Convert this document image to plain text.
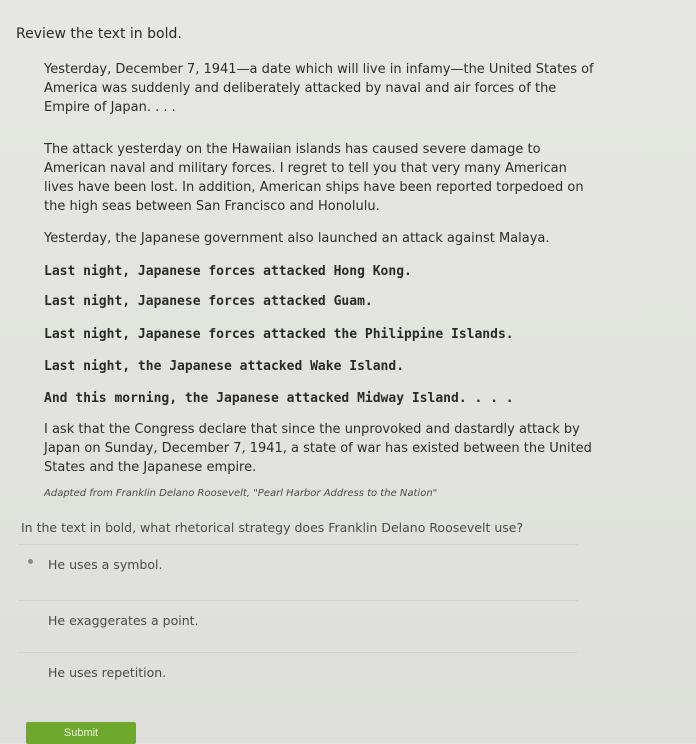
Review the text in bold.

Yesterday, December 7, 1941—a date which will live in infamy—the United States of

America was suddenly and deliberately attacked by naval and air forces of the

Empire of Japan. . . .

The attack yesterday on the Hawaiian islands has caused severe damage to

American naval and military forces. I regret to tell you that very many American

lives have been lost. In addition, American ships have been reported torpedoed on

the high seas between San Francisco and Honolulu.

Yesterday, the Japanese government also launched an attack against Malaya.

Last night, Japanese forces attacked Hong Kong.
Last night, Japanese forces attacked Guam.
Last night, Japanese forces attacked the Philippine Islands.
Last night, the Japanese attacked Wake Island.
And this morning, the Japanese attacked Midway Island. . . .

I ask that the Congress declare that since the unprovoked and dastardly attack by

Japan on Sunday, December 7, 1941, a state of war has existed between the United

States and the Japanese empire.

Adapted from Franklin Delano Roosevelt, "Pearl Harbor Address to the Nation"
In the text in bold, what rhetorical strategy does Franklin Delano Roosevelt use?
He uses a symbol.
He exaggerates a point.
He uses repetition.
Submit
